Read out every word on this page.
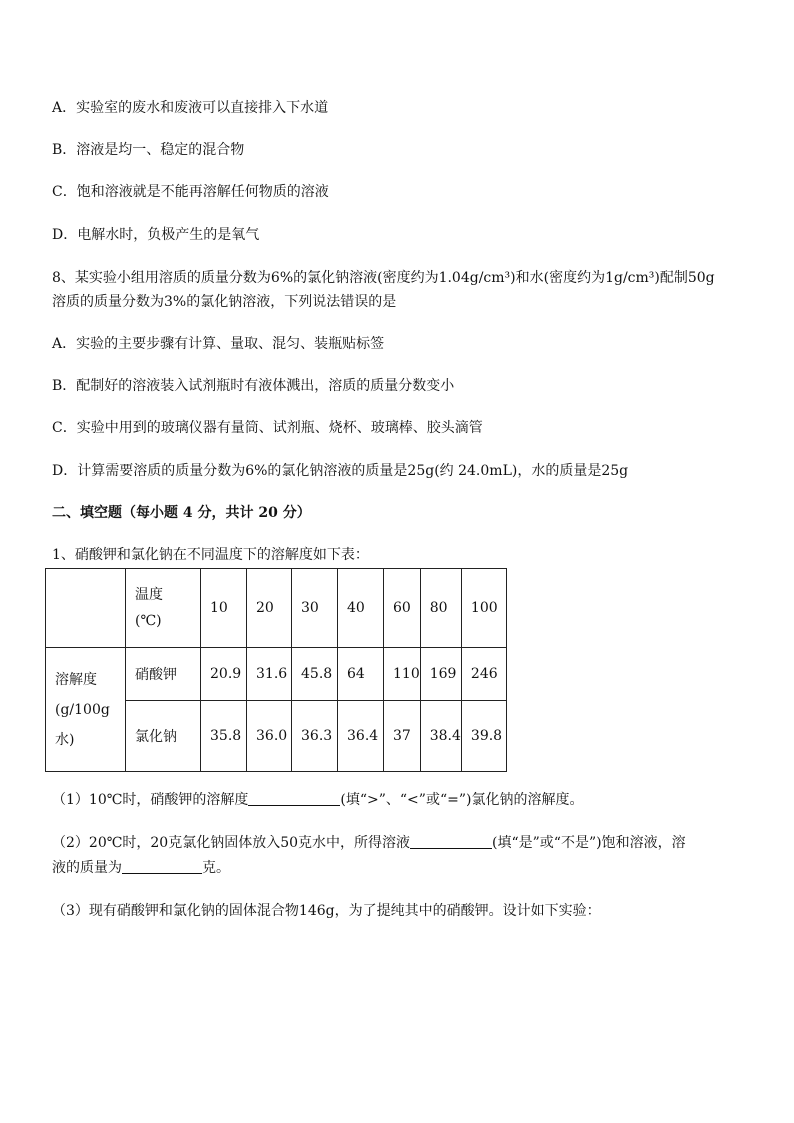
A．实验室的废水和废液可以直接排入下水道
B．溶液是均一、稳定的混合物
C．饱和溶液就是不能再溶解任何物质的溶液
D．电解水时，负极产生的是氧气
8、某实验小组用溶质的质量分数为6%的氯化钠溶液(密度约为1.04g/cm³)和水(密度约为1g/cm³)配制50g
溶质的质量分数为3%的氯化钠溶液，下列说法错误的是
A．实验的主要步骤有计算、量取、混匀、装瓶贴标签
B．配制好的溶液装入试剂瓶时有液体溅出，溶质的质量分数变小
C．实验中用到的玻璃仪器有量筒、试剂瓶、烧杯、玻璃棒、胶头滴管
D．计算需要溶质的质量分数为6%的氯化钠溶液的质量是25g(约 24.0mL)，水的质量是25g
二、填空题（每小题 4 分，共计 20 分）
1、硝酸钾和氯化钠在不同温度下的溶解度如下表：
	温度
(℃)	10	20	30	40	60	80	100
溶解度
(g/100g
水)	硝酸钾	20.9	31.6	45.8	64	110	169	246
	氯化钠	35.8	36.0	36.3	36.4	37	38.4	39.8
（1）10℃时，硝酸钾的溶解度	(填“>”、“<”或“=”)氯化钠的溶解度。
（2）20℃时，20克氯化钠固体放入50克水中，所得溶液	(填“是”或“不是”)饱和溶液，溶
液的质量为	克。
（3）现有硝酸钾和氯化钠的固体混合物146g，为了提纯其中的硝酸钾。设计如下实验：
